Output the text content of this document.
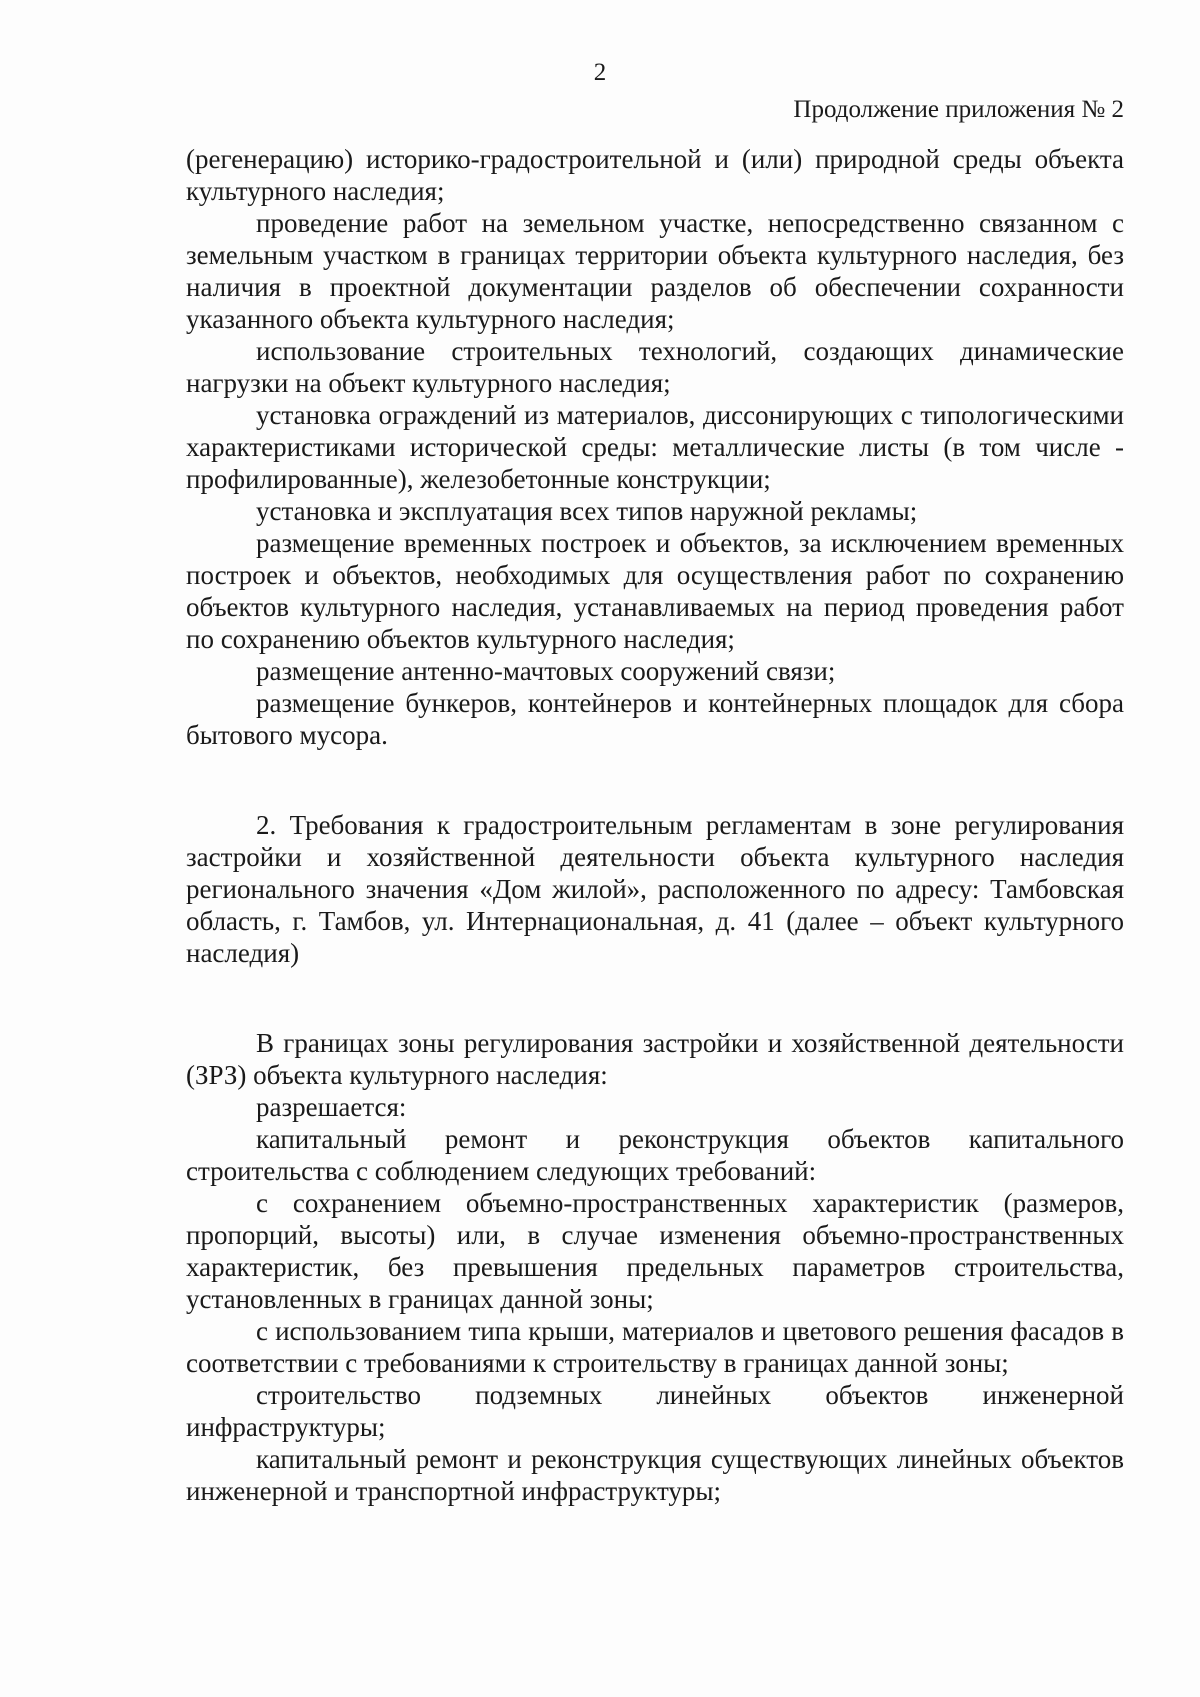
2
Продолжение приложения № 2

(регенерацию) историко-градостроительной и (или) природной среды объекта культурного наследия;

проведение работ на земельном участке, непосредственно связанном с земельным участком в границах территории объекта культурного наследия, без наличия в проектной документации разделов об обеспечении сохранности указанного объекта культурного наследия;

использование строительных технологий, создающих динамические нагрузки на объект культурного наследия;

установка ограждений из материалов, диссонирующих с типологическими характеристиками исторической среды: металлические листы (в том числе - профилированные), железобетонные конструкции;

установка и эксплуатация всех типов наружной рекламы;

размещение временных построек и объектов, за исключением временных построек и объектов, необходимых для осуществления работ по сохранению объектов культурного наследия, устанавливаемых на период проведения работ по сохранению объектов культурного наследия;

размещение антенно-мачтовых сооружений связи;

размещение бункеров, контейнеров и контейнерных площадок для сбора бытового мусора.

2. Требования к градостроительным регламентам в зоне регулирования застройки и хозяйственной деятельности объекта культурного наследия регионального значения «Дом жилой», расположенного по адресу: Тамбовская область, г. Тамбов, ул. Интернациональная, д. 41 (далее – объект культурного наследия)

В границах зоны регулирования застройки и хозяйственной деятельности (ЗРЗ) объекта культурного наследия:

разрешается:

капитальный ремонт и реконструкция объектов капитального строительства с соблюдением следующих требований:

с сохранением объемно-пространственных характеристик (размеров, пропорций, высоты) или, в случае изменения объемно-пространственных характеристик, без превышения предельных параметров строительства, установленных в границах данной зоны;

с использованием типа крыши, материалов и цветового решения фасадов в соответствии с требованиями к строительству в границах данной зоны;

строительство подземных линейных объектов инженерной инфраструктуры;

капитальный ремонт и реконструкция существующих линейных объектов инженерной и транспортной инфраструктуры;
